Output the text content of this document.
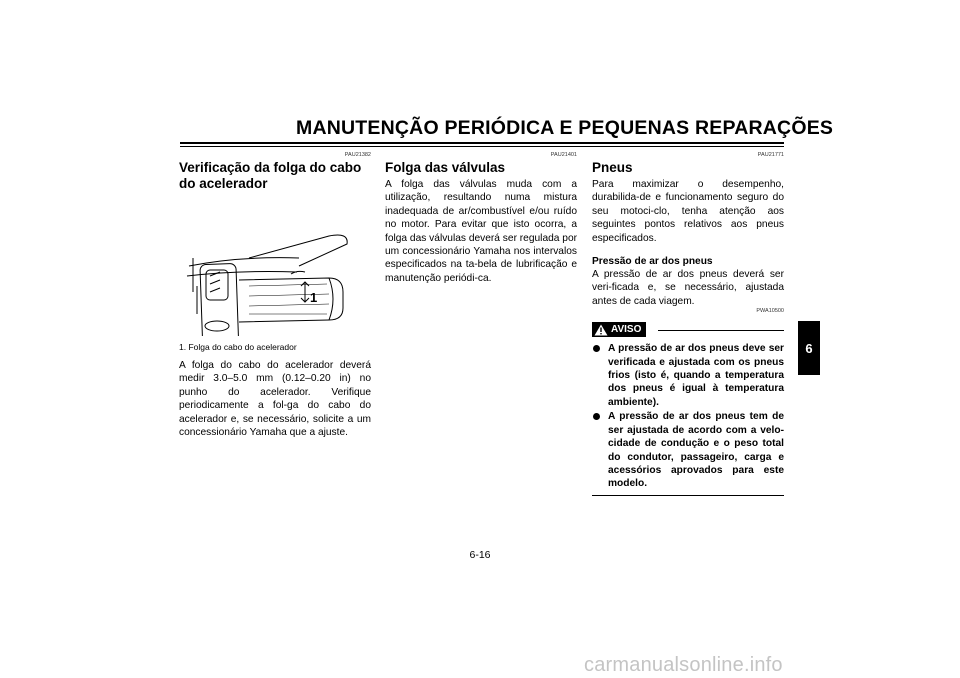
MANUTENÇÃO PERIÓDICA E PEQUENAS REPARAÇÕES
PAU21382
Verificação da folga do cabo do acelerador
1
1. Folga do cabo do acelerador

A folga do cabo do acelerador deverá medir 3.0–5.0 mm (0.12–0.20 in) no punho do acelerador. Verifique periodicamente a fol-ga do cabo do acelerador e, se necessário, solicite a um concessionário Yamaha que a ajuste.

PAU21401
Folga das válvulas

A folga das válvulas muda com a utilização, resultando numa mistura inadequada de ar/combustível e/ou ruído no motor. Para evitar que isto ocorra, a folga das válvulas deverá ser regulada por um concessionário Yamaha nos intervalos especificados na ta-bela de lubrificação e manutenção periódi-ca.

PAU21771
Pneus

Para maximizar o desempenho, durabilida-de e funcionamento seguro do seu motoci-clo, tenha atenção aos seguintes pontos relativos aos pneus especificados.

Pressão de ar dos pneus

A pressão de ar dos pneus deverá ser veri-ficada e, se necessário, ajustada antes de cada viagem.

PWA10500
AVISO
A pressão de ar dos pneus deve ser verificada e ajustada com os pneus frios (isto é, quando a temperatura dos pneus é igual à temperatura ambiente).
A pressão de ar dos pneus tem de ser ajustada de acordo com a velo-cidade de condução e o peso total do condutor, passageiro, carga e acessórios aprovados para este modelo.
6
6-16
carmanualsonline.info
